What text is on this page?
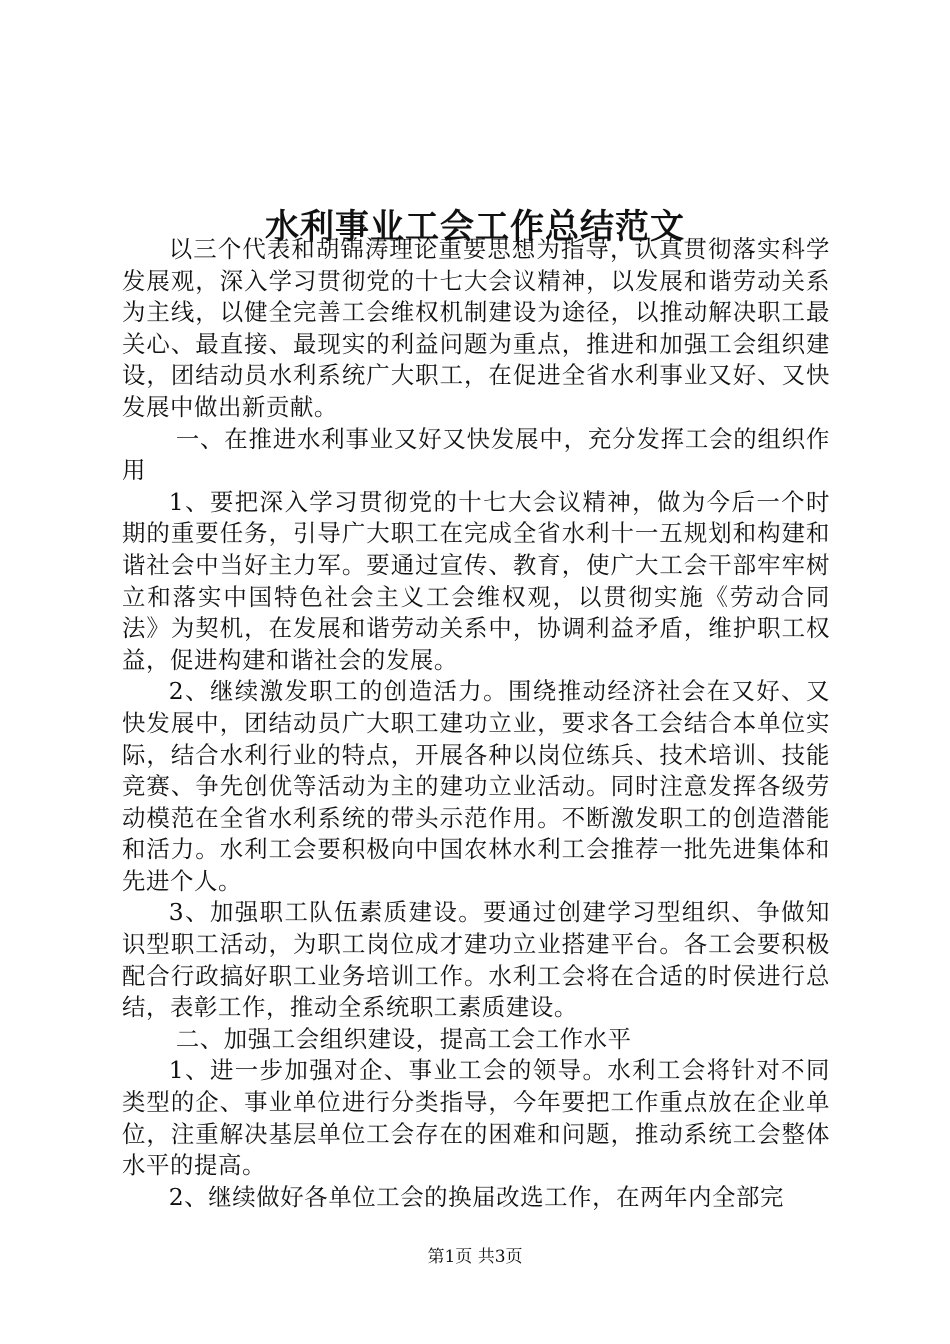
水利事业工会工作总结范文

以三个代表和胡锦涛理论重要思想为指导，认真贯彻落实科学发展观，深入学习贯彻党的十七大会议精神，以发展和谐劳动关系为主线，以健全完善工会维权机制建设为途径，以推动解决职工最关心、最直接、最现实的利益问题为重点，推进和加强工会组织建设，团结动员水利系统广大职工，在促进全省水利事业又好、又快发展中做出新贡献。

一、在推进水利事业又好又快发展中，充分发挥工会的组织作用

1、要把深入学习贯彻党的十七大会议精神，做为今后一个时期的重要任务，引导广大职工在完成全省水利十一五规划和构建和谐社会中当好主力军。要通过宣传、教育，使广大工会干部牢牢树立和落实中国特色社会主义工会维权观，以贯彻实施《劳动合同法》为契机，在发展和谐劳动关系中，协调利益矛盾，维护职工权益，促进构建和谐社会的发展。

2、继续激发职工的创造活力。围绕推动经济社会在又好、又快发展中，团结动员广大职工建功立业，要求各工会结合本单位实际，结合水利行业的特点，开展各种以岗位练兵、技术培训、技能竞赛、争先创优等活动为主的建功立业活动。同时注意发挥各级劳动模范在全省水利系统的带头示范作用。不断激发职工的创造潜能和活力。水利工会要积极向中国农林水利工会推荐一批先进集体和先进个人。

3、加强职工队伍素质建设。要通过创建学习型组织、争做知识型职工活动，为职工岗位成才建功立业搭建平台。各工会要积极配合行政搞好职工业务培训工作。水利工会将在合适的时侯进行总结，表彰工作，推动全系统职工素质建设。

二、加强工会组织建设，提高工会工作水平

1、进一步加强对企、事业工会的领导。水利工会将针对不同类型的企、事业单位进行分类指导，今年要把工作重点放在企业单位，注重解决基层单位工会存在的困难和问题，推动系统工会整体水平的提高。

2、继续做好各单位工会的换届改选工作，在两年内全部完

第1页 共3页
